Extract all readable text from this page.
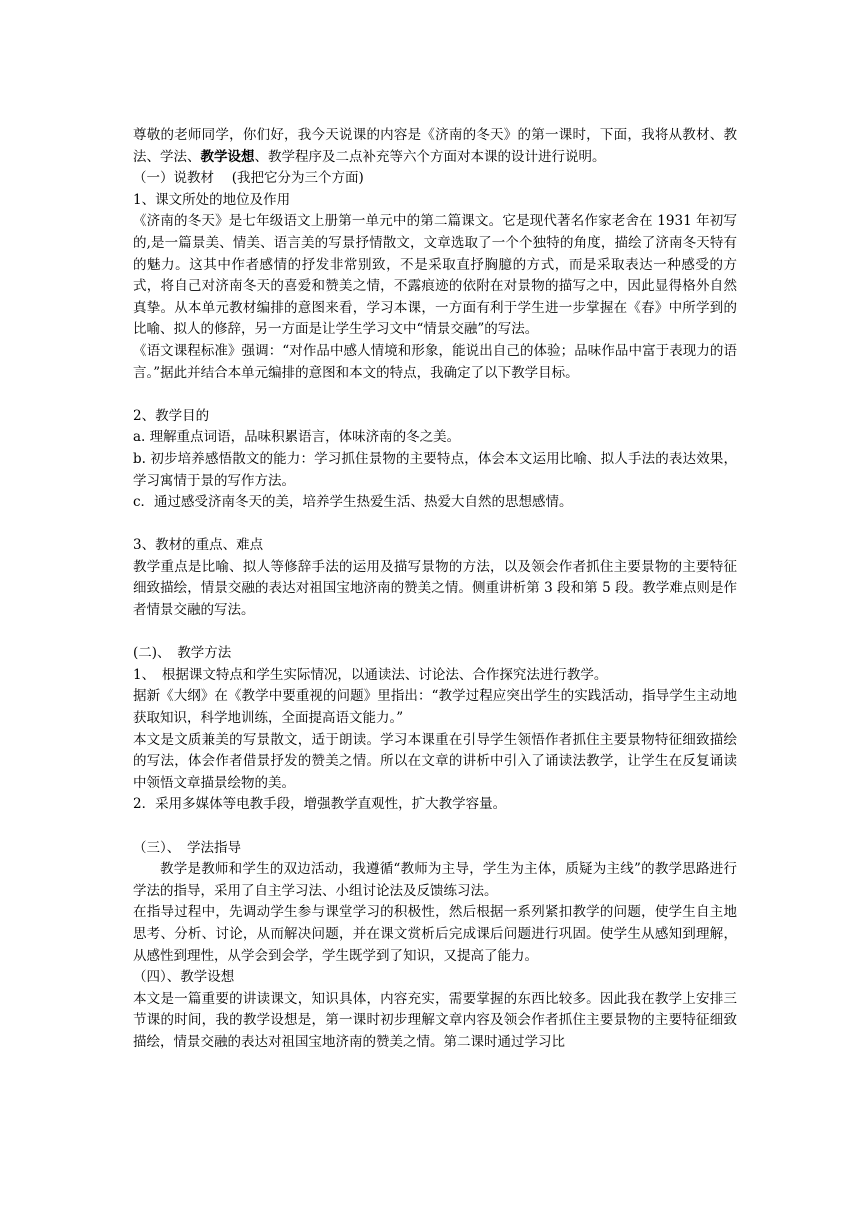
尊敬的老师同学，你们好，我今天说课的内容是《济南的冬天》的第一课时，下面，我将从教材、教法、学法、教学设想、教学程序及二点补充等六个方面对本课的设计进行说明。

（一）说教材　 (我把它分为三个方面)

1、课文所处的地位及作用

《济南的冬天》是七年级语文上册第一单元中的第二篇课文。它是现代著名作家老舍在 1931 年初写的,是一篇景美、情美、语言美的写景抒情散文，文章选取了一个个独特的角度，描绘了济南冬天特有的魅力。这其中作者感情的抒发非常别致，不是采取直抒胸臆的方式，而是采取表达一种感受的方式，将自己对济南冬天的喜爱和赞美之情，不露痕迹的依附在对景物的描写之中，因此显得格外自然真挚。从本单元教材编排的意图来看，学习本课，一方面有利于学生进一步掌握在《春》中所学到的比喻、拟人的修辞，另一方面是让学生学习文中“情景交融”的写法。

《语文课程标准》强调：“对作品中感人情境和形象，能说出自己的体验；品味作品中富于表现力的语言。”据此并结合本单元编排的意图和本文的特点，我确定了以下教学目标。

2、教学目的

a. 理解重点词语，品味积累语言，体味济南的冬之美。

b. 初步培养感悟散文的能力：学习抓住景物的主要特点，体会本文运用比喻、拟人手法的表达效果，学习寓情于景的写作方法。

c．通过感受济南冬天的美，培养学生热爱生活、热爱大自然的思想感情。

3、教材的重点、难点

教学重点是比喻、拟人等修辞手法的运用及描写景物的方法，以及领会作者抓住主要景物的主要特征细致描绘，情景交融的表达对祖国宝地济南的赞美之情。侧重讲析第 3 段和第 5 段。教学难点则是作者情景交融的写法。

(二)、　教学方法

1、　根据课文特点和学生实际情况，以通读法、讨论法、合作探究法进行教学。

据新《大纲》在《教学中要重视的问题》里指出：“教学过程应突出学生的实践活动，指导学生主动地获取知识，科学地训练，全面提高语文能力。”

本文是文质兼美的写景散文，适于朗读。学习本课重在引导学生领悟作者抓住主要景物特征细致描绘的写法，体会作者借景抒发的赞美之情。所以在文章的讲析中引入了诵读法教学，让学生在反复诵读中领悟文章描景绘物的美。

2．采用多媒体等电教手段，增强教学直观性，扩大教学容量。

（三）、　学法指导

教学是教师和学生的双边活动，我遵循“教师为主导，学生为主体，质疑为主线”的教学思路进行学法的指导，采用了自主学习法、小组讨论法及反馈练习法。

在指导过程中，先调动学生参与课堂学习的积极性，然后根据一系列紧扣教学的问题，使学生自主地思考、分析、讨论，从而解决问题，并在课文赏析后完成课后问题进行巩固。使学生从感知到理解，从感性到理性，从学会到会学，学生既学到了知识，又提高了能力。

（四）、教学设想

本文是一篇重要的讲读课文，知识具体，内容充实，需要掌握的东西比较多。因此我在教学上安排三节课的时间，我的教学设想是，第一课时初步理解文章内容及领会作者抓住主要景物的主要特征细致描绘，情景交融的表达对祖国宝地济南的赞美之情。第二课时通过学习比
